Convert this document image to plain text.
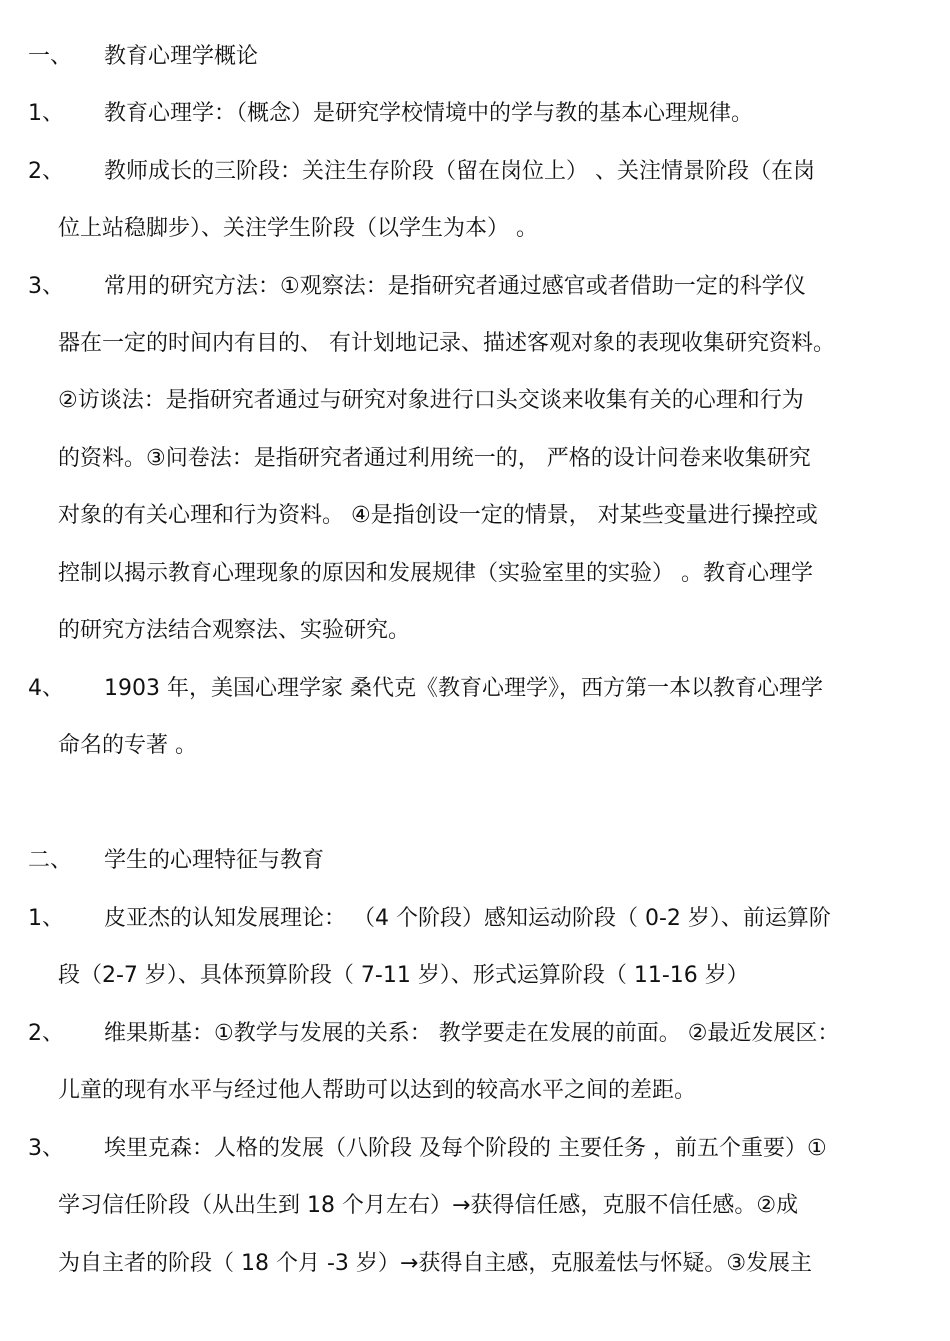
一、 教育心理学概论
1、 教育心理学：（概念）是研究学校情境中的学与教的基本心理规律。
2、 教师成长的三阶段：关注生存阶段（留在岗位上） 、关注情景阶段（在岗
位上站稳脚步）、关注学生阶段（以学生为本） 。
3、 常用的研究方法：①观察法：是指研究者通过感官或者借助一定的科学仪
器在一定的时间内有目的、 有计划地记录、描述客观对象的表现收集研究资料。
②访谈法：是指研究者通过与研究对象进行口头交谈来收集有关的心理和行为
的资料。③问卷法：是指研究者通过利用统一的， 严格的设计问卷来收集研究
对象的有关心理和行为资料。 ④是指创设一定的情景， 对某些变量进行操控或
控制以揭示教育心理现象的原因和发展规律（实验室里的实验） 。教育心理学
的研究方法结合观察法、实验研究。
4、 1903 年，美国心理学家 桑代克《教育心理学》，西方第一本以教育心理学
命名的专著 。
二、 学生的心理特征与教育
1、 皮亚杰的认知发展理论： （4 个阶段）感知运动阶段（ 0-2 岁）、前运算阶
段（2-7 岁）、具体预算阶段（ 7-11 岁）、形式运算阶段（ 11-16 岁）
2、 维果斯基：①教学与发展的关系： 教学要走在发展的前面。 ②最近发展区：
儿童的现有水平与经过他人帮助可以达到的较高水平之间的差距。
3、 埃里克森：人格的发展（八阶段 及每个阶段的 主要任务 ，前五个重要）①
学习信任阶段（从出生到 18 个月左右）→获得信任感，克服不信任感。②成
为自主者的阶段（ 18 个月 -3 岁）→获得自主感，克服羞怯与怀疑。③发展主
